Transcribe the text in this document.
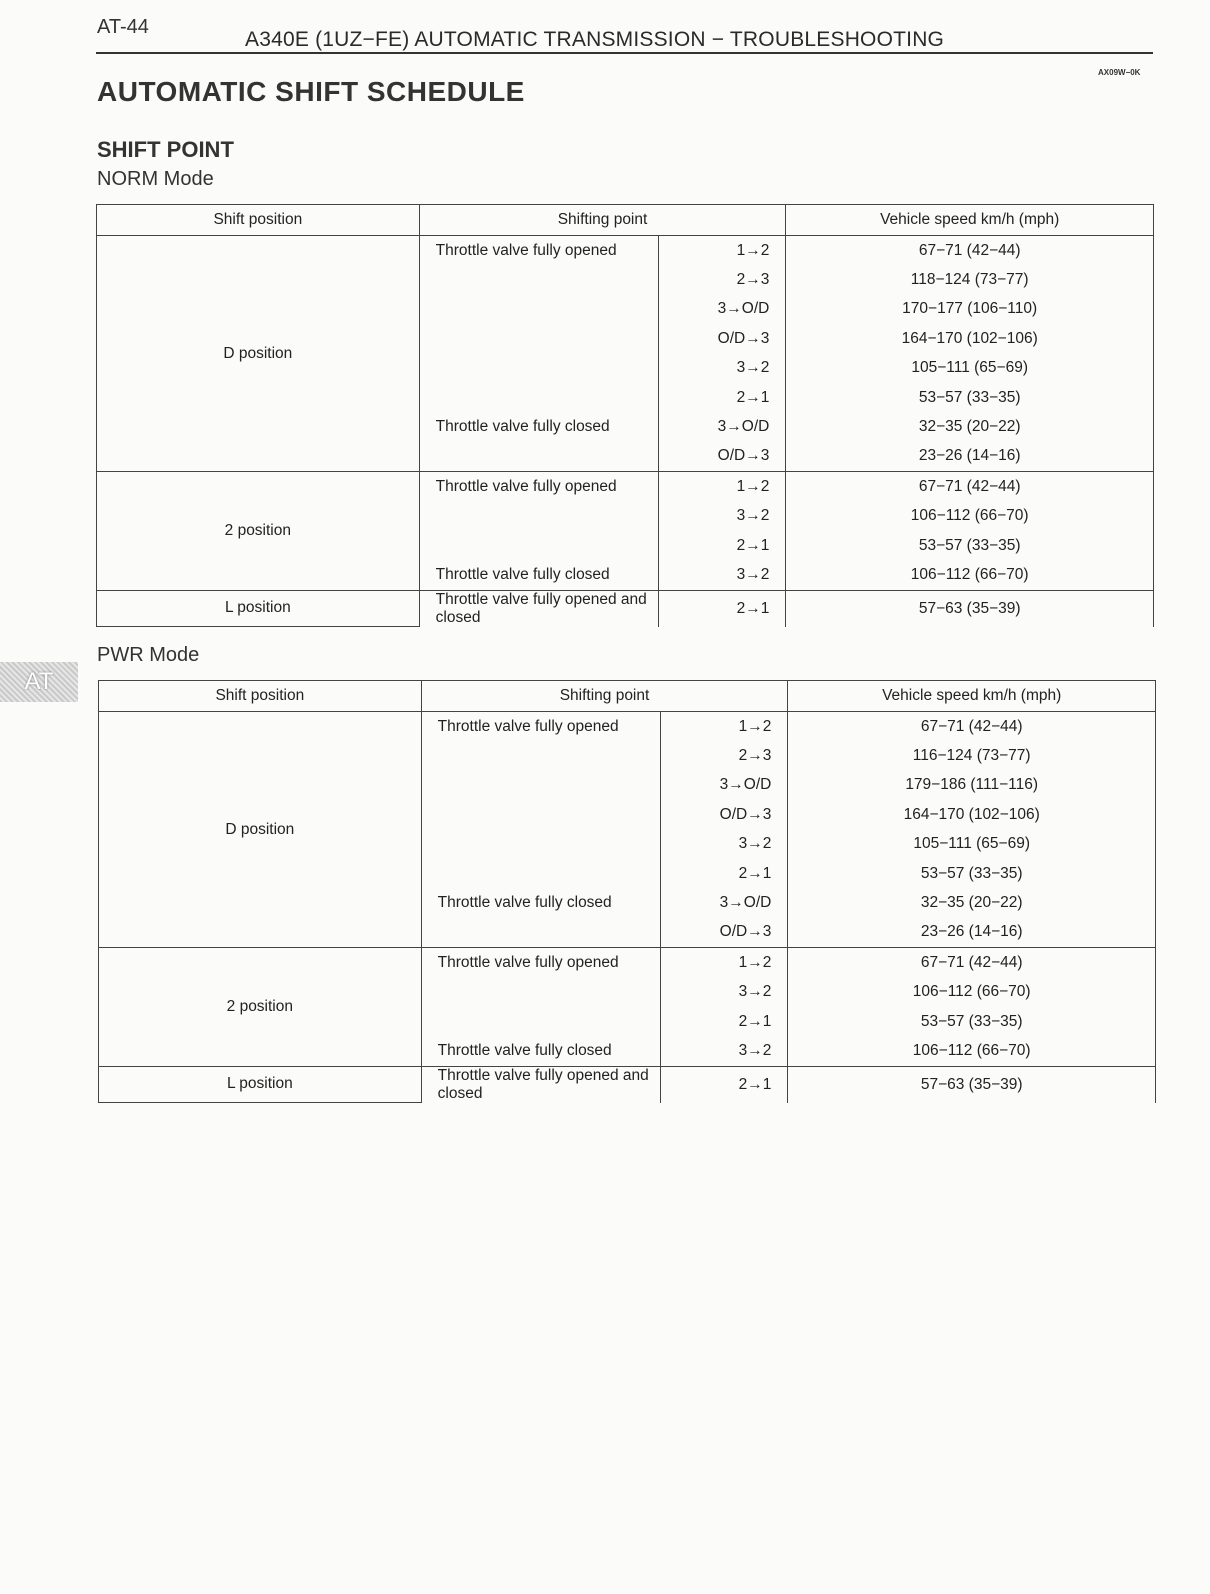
AT-44
A340E (1UZ−FE) AUTOMATIC TRANSMISSION − TROUBLESHOOTING
AX09W−0K
AUTOMATIC SHIFT SCHEDULE
SHIFT POINT
NORM Mode
PWR Mode
AT
Shift position	Shifting point		Vehicle speed km/h (mph)
D position	Throttle valve fully opened	1→2	67−71 (42−44)
		2→3	118−124 (73−77)
		3→O/D	170−177 (106−110)
		O/D→3	164−170 (102−106)
		3→2	105−111 (65−69)
		2→1	53−57 (33−35)
	Throttle valve fully closed	3→O/D	32−35 (20−22)
		O/D→3	23−26 (14−16)
2 position	Throttle valve fully opened	1→2	67−71 (42−44)
		3→2	106−112 (66−70)
		2→1	53−57 (33−35)
	Throttle valve fully closed	3→2	106−112 (66−70)
L position	Throttle valve fully opened and closed	2→1	57−63 (35−39)
Shift position	Shifting point		Vehicle speed km/h (mph)
D position	Throttle valve fully opened	1→2	67−71 (42−44)
		2→3	116−124 (73−77)
		3→O/D	179−186 (111−116)
		O/D→3	164−170 (102−106)
		3→2	105−111 (65−69)
		2→1	53−57 (33−35)
	Throttle valve fully closed	3→O/D	32−35 (20−22)
		O/D→3	23−26 (14−16)
2 position	Throttle valve fully opened	1→2	67−71 (42−44)
		3→2	106−112 (66−70)
		2→1	53−57 (33−35)
	Throttle valve fully closed	3→2	106−112 (66−70)
L position	Throttle valve fully opened and closed	2→1	57−63 (35−39)
